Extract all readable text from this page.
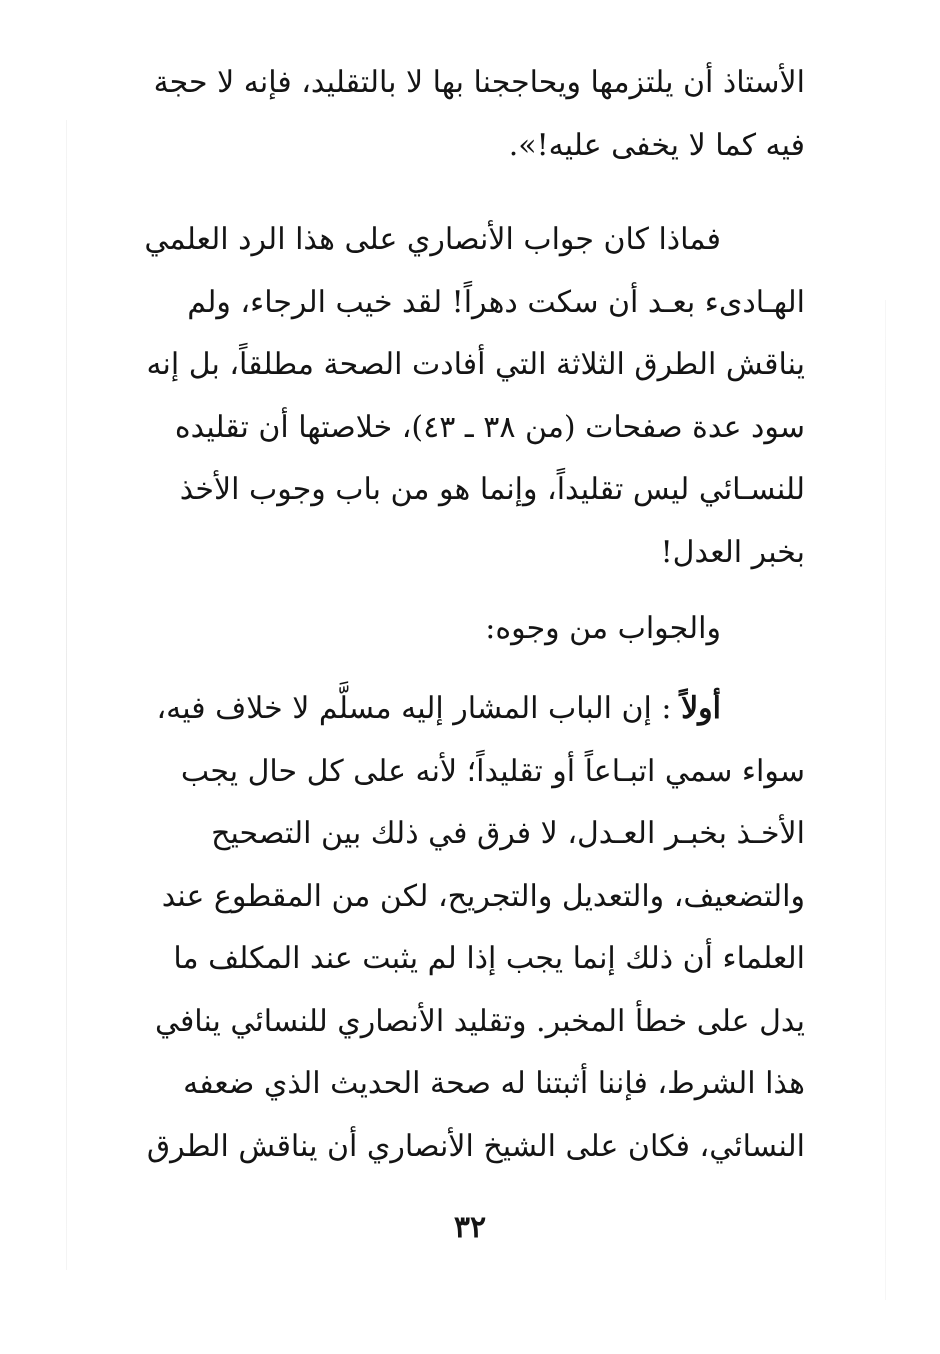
الأستاذ أن يلتزمها ويحاججنا بها لا بالتقليد، فإنه لا حجة
فيه كما لا يخفى عليه!».
فماذا كان جواب الأنصاري على هذا الرد العلمي
الهـادىء بعـد أن سكت دهراً! لقد خيب الرجاء، ولم
يناقش الطرق الثلاثة التي أفادت الصحة مطلقاً، بل إنه
سود عدة صفحات (من ٣٨ ـ ٤٣)، خلاصتها أن تقليده
للنسـائي ليس تقليداً، وإنما هو من باب وجوب الأخذ
بخبر العدل!
والجواب من وجوه:
أولاً : إن الباب المشار إليه مسلَّم لا خلاف فيه،
سواء سمي اتبـاعاً أو تقليداً؛ لأنه على كل حال يجب
الأخـذ بخبـر العـدل، لا فرق في ذلك بين التصحيح
والتضعيف، والتعديل والتجريح، لكن من المقطوع عند
العلماء أن ذلك إنما يجب إذا لم يثبت عند المكلف ما
يدل على خطأ المخبر. وتقليد الأنصاري للنسائي ينافي
هذا الشرط، فإننا أثبتنا له صحة الحديث الذي ضعفه
النسائي، فكان على الشيخ الأنصاري أن يناقش الطرق
٣٢
